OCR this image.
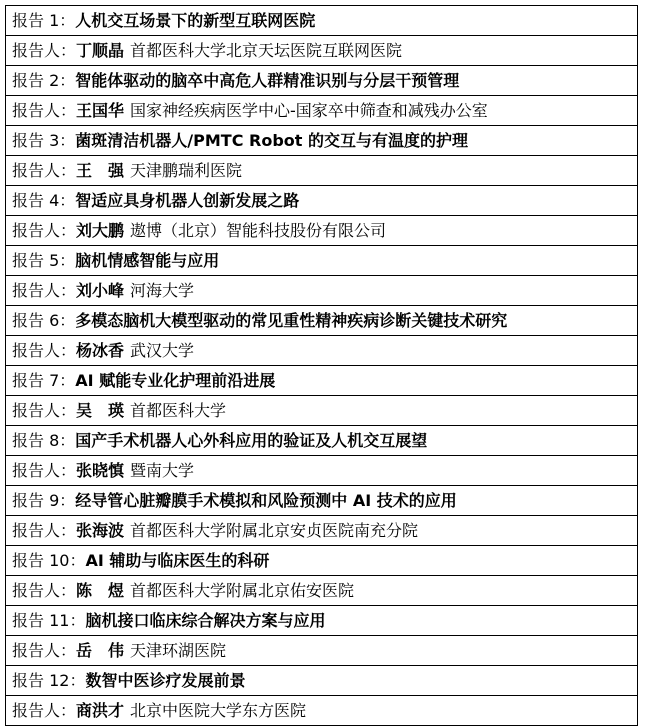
报告 1：人机交互场景下的新型互联网医院

报告人：丁顺晶 首都医科大学北京天坛医院互联网医院

报告 2：智能体驱动的脑卒中高危人群精准识别与分层干预管理

报告人：王国华 国家神经疾病医学中心-国家卒中筛查和减残办公室

报告 3：菌斑清洁机器人/PMTC Robot 的交互与有温度的护理

报告人：王　强 天津鹏瑞利医院

报告 4：智适应具身机器人创新发展之路

报告人：刘大鹏 遨博（北京）智能科技股份有限公司

报告 5：脑机情感智能与应用

报告人：刘小峰 河海大学

报告 6：多模态脑机大模型驱动的常见重性精神疾病诊断关键技术研究

报告人：杨冰香 武汉大学

报告 7：AI 赋能专业化护理前沿进展

报告人：吴　瑛 首都医科大学

报告 8：国产手术机器人心外科应用的验证及人机交互展望

报告人：张晓慎 暨南大学

报告 9：经导管心脏瓣膜手术模拟和风险预测中 AI 技术的应用

报告人：张海波 首都医科大学附属北京安贞医院南充分院

报告 10：AI 辅助与临床医生的科研

报告人：陈　煜 首都医科大学附属北京佑安医院

报告 11：脑机接口临床综合解决方案与应用

报告人：岳　伟 天津环湖医院

报告 12：数智中医诊疗发展前景

报告人：商洪才 北京中医院大学东方医院
